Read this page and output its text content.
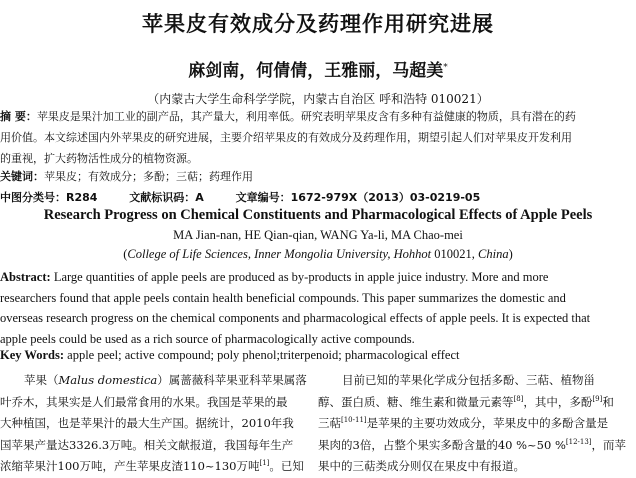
苹果皮有效成分及药理作用研究进展
麻剑南，何倩倩，王雅丽，马超美*
（内蒙古大学生命科学学院，内蒙古自治区 呼和浩特 010021）
摘 要：苹果皮是果汁加工业的副产品，其产量大，利用率低。研究表明苹果皮含有多种有益健康的物质，具有潜在的药
用价值。本文综述国内外苹果皮的研究进展，主要介绍苹果皮的有效成分及药理作用，期望引起人们对苹果皮开发利用
的重视，扩大药物活性成分的植物资源。
关键词：苹果皮；有效成分；多酚；三萜；药理作用
中图分类号：R284	文献标识码：A	文章编号：1672-979X（2013）03-0219-05
Research Progress on Chemical Constituents and Pharmacological Effects of Apple Peels
MA Jian-nan, HE Qian-qian, WANG Ya-li, MA Chao-mei
(College of Life Sciences, Inner Mongolia University, Hohhot 010021, China)
Abstract: Large quantities of apple peels are produced as by-products in apple juice industry. More and more
researchers found that apple peels contain health beneficial compounds. This paper summarizes the domestic and
overseas research progress on the chemical components and pharmacological effects of apple peels. It is expected that
apple peels could be used as a rich source of pharmacologically active compounds.
Key Words: apple peel; active compound; poly phenol;triterpenoid; pharmacological effect
苹果（Malus domestica）属蔷薇科苹果亚科苹果属落
叶乔木，其果实是人们最常食用的水果。我国是苹果的最
大种植国，也是苹果汁的最大生产国。据统计，2010年我
国苹果产量达3326.3万吨。相关文献报道，我国每年生产
浓缩苹果汁100万吨，产生苹果皮渣110~130万吨[1]。已知
目前已知的苹果化学成分包括多酚、三萜、植物甾
醇、蛋白质、糖、维生素和微量元素等[8]，其中，多酚[9]和
三萜[10-11]是苹果的主要功效成分，苹果皮中的多酚含量是
果肉的3倍，占整个果实多酚含量的40 %~50 %[12-13]，而苹
果中的三萜类成分则仅在果皮中有报道。
